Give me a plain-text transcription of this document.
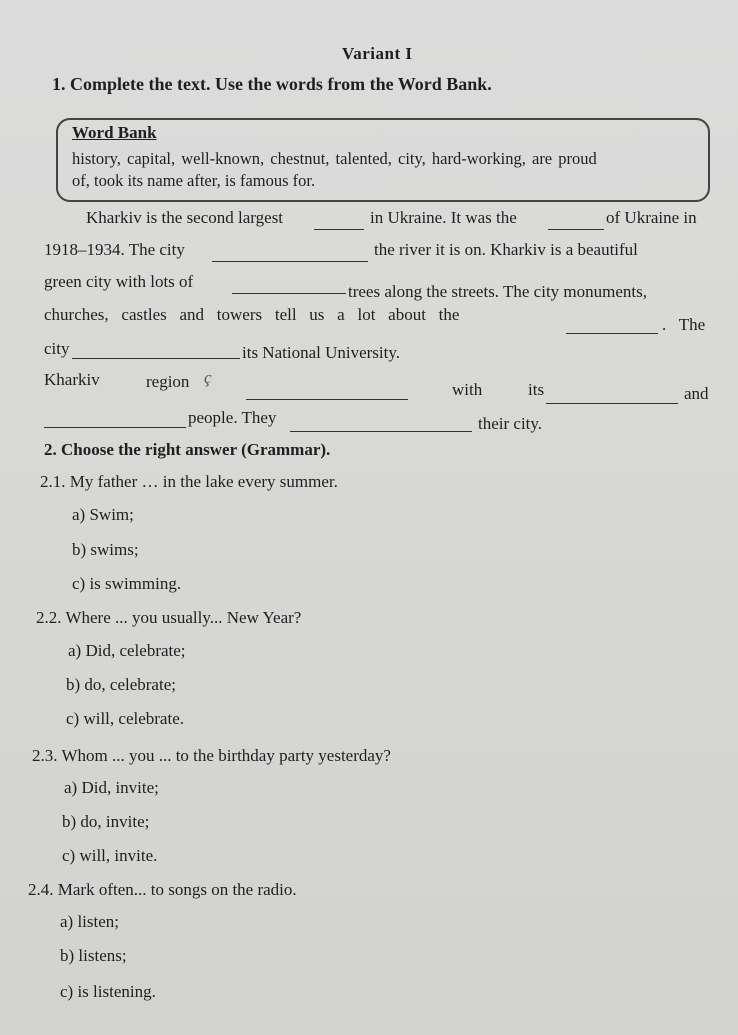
Variant I
1. Complete the text. Use the words from the Word Bank.
Word Bank
history, capital, well-known, chestnut, talented, city, hard-working, are proud
of, took its name after, is famous for.
Kharkiv is the second largest	in Ukraine. It was the	of Ukraine in
1918–1934. The city	the river it is on. Kharkiv is a beautiful
green city with lots of
trees along the streets. The city monuments,
churches,   castles   and   towers   tell   us   a   lot   about   the
.   The
city	its National University.
Kharkiv	region ç
with	its	and
people. They	their city.
2. Choose the right answer (Grammar).
2.1. My father … in the lake every summer.
a) Swim;
b) swims;
c) is swimming.
2.2. Where ... you usually... New Year?
a) Did, celebrate;
b) do, celebrate;
c) will, celebrate.
2.3. Whom ... you ... to the birthday party yesterday?
a) Did, invite;
b) do, invite;
c) will, invite.
2.4. Mark often... to songs on the radio.
a) listen;
b) listens;
c) is listening.
